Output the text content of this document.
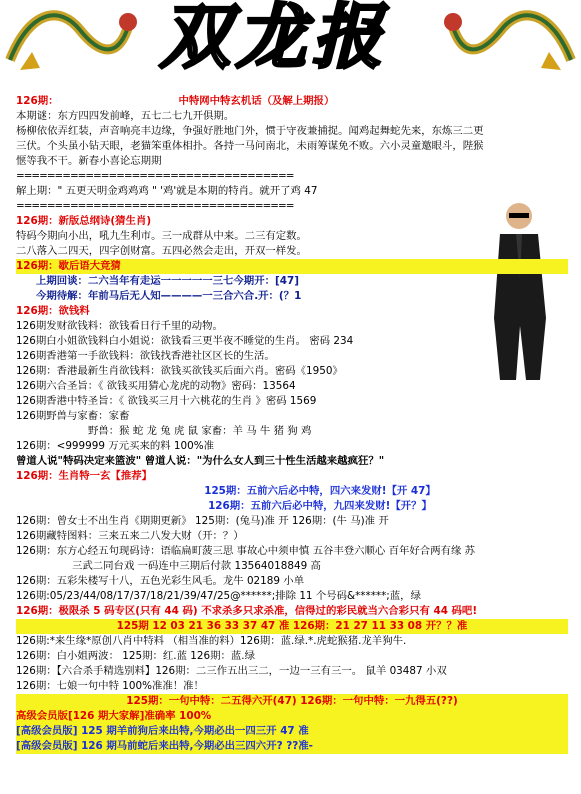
双龙报
126期：	中特网中特玄机话（及解上期报）
本期谜：东方四四发前峰，五七二七九开俱期。
杨柳依依弄红装，声音响亮丰边缘，争强好胜地门外，惯于守夜兼捕捉。闻鸡起舞蛇先来，东炼三二更
三伏。个头虽小钻天眼，老猫笨重体相扑。各持一马问南北，未雨筹谋免不败。六小灵童邀眼斗，陛猴
惬等我不干。新春小喜论忘期期
====================================
解上期：" 五更天明金鸡鸡鸡 " '鸡'就是本期的特肖。就开了鸡 47
====================================
126期：新版总纲诗(猜生肖)
特码今期向小出，吼九生利市。三一成群从中来。二三有定数。
二八落入二四天，四字创财富。五四必然会走出，开双一样发。
126期：歇后语大竞猜
上期回谈：二六当年有走运一一一一一三七今期开：[47]
今期待解：年前马后无人知————一三合六合.开：(？1
126期：欲钱料
126期发财欲钱料：欲钱看日行千里的动物。
126期白小姐欲钱料白小姐说：欲钱看三更半夜不睡觉的生肖。 密码 234
126期香港第一手欲钱料：欲钱找香港社区区长的生活。
126期：香港最新生肖欲钱料：欲钱买欲钱买后面六肖。密码《1950》
126期六合圣旨：《 欲钱买用猜心龙虎的动物》密码：13564
126期香港中特圣旨：《 欲钱买三月十六桃花的生肖 》密码 1569
126期野兽与家畜：家畜
野兽：猴 蛇 龙 兔 虎 鼠 家畜：羊 马 牛 猪 狗 鸡
126期：<999999 万元买来的料 100%准
曾道人说"特码决定来篮波" 曾道人说："为什么女人到三十性生活越来越疯狂？"
126期：生肖特一玄【推荐】
125期：五前六后必中特，四六来发财!【开 47】
126期：五前六后必中特，九四来发财!【开？】
126期：曾女士不出生肖《期期更新》 125期：(兔马)准 开 126期：(牛 马)准 开
126期藏特图料：三来五来二八发大财（开：？）
126期：东方心经五句现码诗：语临扁町菠三思 事故心中须申慎 五谷丰登六顺心 百年好合两有缘 苏
三武二同台戏 一码连中三期后付款 13564018849 高
126期：五彩朱楼写十八，五色光彩生风毛。龙牛 02189 小单
126期:05/23/44/08/17/37/18/21/39/47/25@******;排除 11 个号码&******;蓝，绿
126期：极限杀 5 码专区(只有 44 码) 不求杀多只求杀准，信得过的彩民就当六合彩只有 44 码吧!
125期 12 03 21 36 33 37 47 准 126期：21 27 11 33 08 开？？准
126期:*来生缘*原创八肖中特料 （相当准的料）126期：蓝.绿.*.虎蛇猴猪.龙羊狗牛.
126期：白小姐两波： 125期：红.蓝 126期：蓝.绿
126期：【六合杀手精选别料】126期：二三作五出三二，一边一三有三一。 鼠羊 03487 小双
126期：七娘一句中特 100%准准！准！
125期：一句中特：二五得六开(47) 126期：一句中特：一九得五(??)
高级会员版[126 期大家解]准确率 100%
[高级会员版] 125 期羊前狗后来出特,今期必出一四三开 47 准
[高级会员版] 126 期马前蛇后来出特,今期必出三四六开? ??准-
